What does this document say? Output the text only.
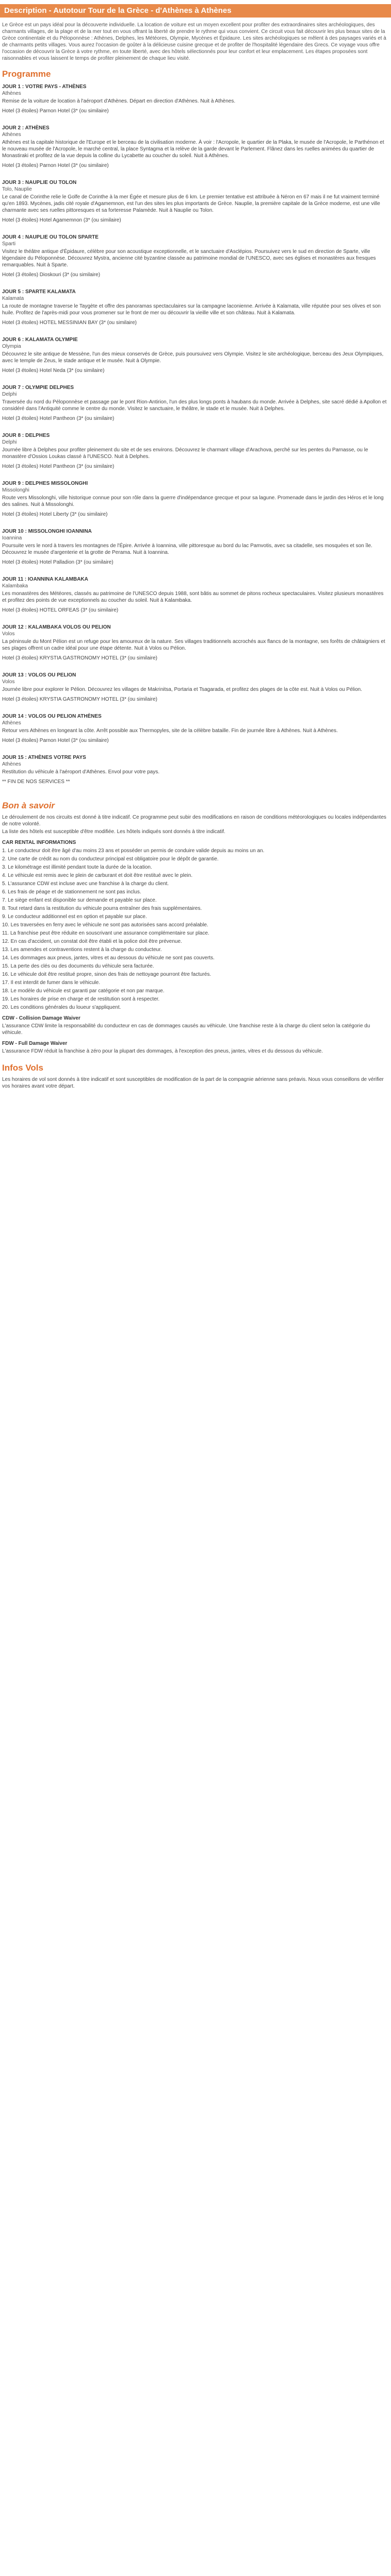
Description - Autotour Tour de la Grèce - d'Athènes à Athènes
Le Grèce est un pays idéal pour la découverte individuelle. La location de voiture est un moyen excellent pour profiter des extraordinaires sites archéologiques, des charmants villages, de la plage et de la mer tout en vous offrant la liberté de prendre le rythme qui vous convient. Ce circuit vous fait découvrir les plus beaux sites de la Grèce continentale et du Péloponnèse : Athènes, Delphes, les Météores, Olympie, Mycènes et Épidaure. Les sites archéologiques se mêlent à des paysages variés et à de charmants petits villages. Vous aurez l'occasion de goûter à la délicieuse cuisine grecque et de profiter de l'hospitalité légendaire des Grecs. Ce voyage vous offre l'occasion de découvrir la Grèce à votre rythme, en toute liberté, avec des hôtels sélectionnés pour leur confort et leur emplacement. Les étapes proposées sont raisonnables et vous laissent le temps de profiter pleinement de chaque lieu visité.
Programme
JOUR 1 : VOTRE PAYS - ATHÈNES
Athènes

Remise de la voiture de location à l'aéroport d'Athènes. Départ en direction d'Athènes. Nuit à Athènes.

Hotel (3 étoiles) Parnon Hotel (3* (ou similaire)

JOUR 2 : ATHÈNES
Athènes

Athènes est la capitale historique de l'Europe et le berceau de la civilisation moderne. À voir : l'Acropole, le quartier de la Plaka, le musée de l'Acropole, le Parthénon et le nouveau musée de l'Acropole, le marché central, la place Syntagma et la relève de la garde devant le Parlement. Flânez dans les ruelles animées du quartier de Monastiraki et profitez de la vue depuis la colline du Lycabette au coucher du soleil. Nuit à Athènes.

Hotel (3 étoiles) Parnon Hotel (3* (ou similaire)

JOUR 3 : NAUPLIE OU TOLON
Tolo, Nauplie

Le canal de Corinthe relie le Golfe de Corinthe à la mer Égée et mesure plus de 6 km. Le premier tentative est attribuée à Néron en 67 mais il ne fut vraiment terminé qu'en 1893. Mycènes, jadis cité royale d'Agamemnon, est l'un des sites les plus importants de Grèce. Nauplie, la première capitale de la Grèce moderne, est une ville charmante avec ses ruelles pittoresques et sa forteresse Palamède. Nuit à Nauplie ou Tolon.

Hotel (3 étoiles) Hotel Agamemnon (3* (ou similaire)

JOUR 4 : NAUPLIE OU TOLON SPARTE
Sparti

Visitez le théâtre antique d'Épidaure, célèbre pour son acoustique exceptionnelle, et le sanctuaire d'Asclépios. Poursuivez vers le sud en direction de Sparte, ville légendaire du Péloponnèse. Découvrez Mystra, ancienne cité byzantine classée au patrimoine mondial de l'UNESCO, avec ses églises et monastères aux fresques remarquables. Nuit à Sparte.

Hotel (3 étoiles) Dioskouri (3* (ou similaire)

JOUR 5 : SPARTE KALAMATA
Kalamata

La route de montagne traverse le Taygète et offre des panoramas spectaculaires sur la campagne laconienne. Arrivée à Kalamata, ville réputée pour ses olives et son huile. Profitez de l'après-midi pour vous promener sur le front de mer ou découvrir la vieille ville et son château. Nuit à Kalamata.

Hotel (3 étoiles) HOTEL MESSINIAN BAY (3* (ou similaire)

JOUR 6 : KALAMATA OLYMPIE
Olympia

Découvrez le site antique de Messène, l'un des mieux conservés de Grèce, puis poursuivez vers Olympie. Visitez le site archéologique, berceau des Jeux Olympiques, avec le temple de Zeus, le stade antique et le musée. Nuit à Olympie.

Hotel (3 étoiles) Hotel Neda (3* (ou similaire)

JOUR 7 : OLYMPIE DELPHES
Delphi

Traversée du nord du Péloponnèse et passage par le pont Rion-Antirion, l'un des plus longs ponts à haubans du monde. Arrivée à Delphes, site sacré dédié à Apollon et considéré dans l'Antiquité comme le centre du monde. Visitez le sanctuaire, le théâtre, le stade et le musée. Nuit à Delphes.

Hotel (3 étoiles) Hotel Pantheon (3* (ou similaire)

JOUR 8 : DELPHES
Delphi

Journée libre à Delphes pour profiter pleinement du site et de ses environs. Découvrez le charmant village d'Arachova, perché sur les pentes du Parnasse, ou le monastère d'Ossios Loukas classé à l'UNESCO. Nuit à Delphes.

Hotel (3 étoiles) Hotel Pantheon (3* (ou similaire)

JOUR 9 : DELPHES MISSOLONGHI
Missolonghi

Route vers Missolonghi, ville historique connue pour son rôle dans la guerre d'indépendance grecque et pour sa lagune. Promenade dans le jardin des Héros et le long des salines. Nuit à Missolonghi.

Hotel (3 étoiles) Hotel Liberty (3* (ou similaire)

JOUR 10 : MISSOLONGHI IOANNINA
Ioannina

Poursuite vers le nord à travers les montagnes de l'Épire. Arrivée à Ioannina, ville pittoresque au bord du lac Pamvotis, avec sa citadelle, ses mosquées et son île. Découvrez le musée d'argenterie et la grotte de Perama. Nuit à Ioannina.

Hotel (3 étoiles) Hotel Palladion (3* (ou similaire)

JOUR 11 : IOANNINA KALAMBAKA
Kalambaka

Les monastères des Météores, classés au patrimoine de l'UNESCO depuis 1988, sont bâtis au sommet de pitons rocheux spectaculaires. Visitez plusieurs monastères et profitez des points de vue exceptionnels au coucher du soleil. Nuit à Kalambaka.

Hotel (3 étoiles) HOTEL ORFEAS (3* (ou similaire)

JOUR 12 : KALAMBAKA VOLOS OU PELION
Volos

La péninsule du Mont Pélion est un refuge pour les amoureux de la nature. Ses villages traditionnels accrochés aux flancs de la montagne, ses forêts de châtaigniers et ses plages offrent un cadre idéal pour une étape détente. Nuit à Volos ou Pélion.

Hotel (3 étoiles) KRYSTIA GASTRONOMY HOTEL (3* (ou similaire)

JOUR 13 : VOLOS OU PELION
Volos

Journée libre pour explorer le Pélion. Découvrez les villages de Makrinitsa, Portaria et Tsagarada, et profitez des plages de la côte est. Nuit à Volos ou Pélion.

Hotel (3 étoiles) KRYSTIA GASTRONOMY HOTEL (3* (ou similaire)

JOUR 14 : VOLOS OU PELION ATHÈNES
Athènes

Retour vers Athènes en longeant la côte. Arrêt possible aux Thermopyles, site de la célèbre bataille. Fin de journée libre à Athènes. Nuit à Athènes.

Hotel (3 étoiles) Parnon Hotel (3* (ou similaire)

JOUR 15 : ATHÈNES VOTRE PAYS
Athènes

Restitution du véhicule à l'aéroport d'Athènes. Envol pour votre pays.

** FIN DE NOS SERVICES **

Bon à savoir

Le déroulement de nos circuits est donné à titre indicatif. Ce programme peut subir des modifications en raison de conditions météorologiques ou locales indépendantes de notre volonté.

La liste des hôtels est susceptible d'être modifiée. Les hôtels indiqués sont donnés à titre indicatif.

CAR RENTAL INFORMATIONS

1. Le conducteur doit être âgé d'au moins 23 ans et posséder un permis de conduire valide depuis au moins un an.

2. Une carte de crédit au nom du conducteur principal est obligatoire pour le dépôt de garantie.

3. Le kilométrage est illimité pendant toute la durée de la location.

4. Le véhicule est remis avec le plein de carburant et doit être restitué avec le plein.

5. L'assurance CDW est incluse avec une franchise à la charge du client.

6. Les frais de péage et de stationnement ne sont pas inclus.

7. Le siège enfant est disponible sur demande et payable sur place.

8. Tout retard dans la restitution du véhicule pourra entraîner des frais supplémentaires.

9. Le conducteur additionnel est en option et payable sur place.

10. Les traversées en ferry avec le véhicule ne sont pas autorisées sans accord préalable.

11. La franchise peut être réduite en souscrivant une assurance complémentaire sur place.

12. En cas d'accident, un constat doit être établi et la police doit être prévenue.

13. Les amendes et contraventions restent à la charge du conducteur.

14. Les dommages aux pneus, jantes, vitres et au dessous du véhicule ne sont pas couverts.

15. La perte des clés ou des documents du véhicule sera facturée.

16. Le véhicule doit être restitué propre, sinon des frais de nettoyage pourront être facturés.

17. Il est interdit de fumer dans le véhicule.

18. Le modèle du véhicule est garanti par catégorie et non par marque.

19. Les horaires de prise en charge et de restitution sont à respecter.

20. Les conditions générales du loueur s'appliquent.

CDW - Collision Damage Waiver

L'assurance CDW limite la responsabilité du conducteur en cas de dommages causés au véhicule. Une franchise reste à la charge du client selon la catégorie du véhicule.

FDW - Full Damage Waiver

L'assurance FDW réduit la franchise à zéro pour la plupart des dommages, à l'exception des pneus, jantes, vitres et du dessous du véhicule.

Infos Vols

Les horaires de vol sont donnés à titre indicatif et sont susceptibles de modification de la part de la compagnie aérienne sans préavis. Nous vous conseillons de vérifier vos horaires avant votre départ.
